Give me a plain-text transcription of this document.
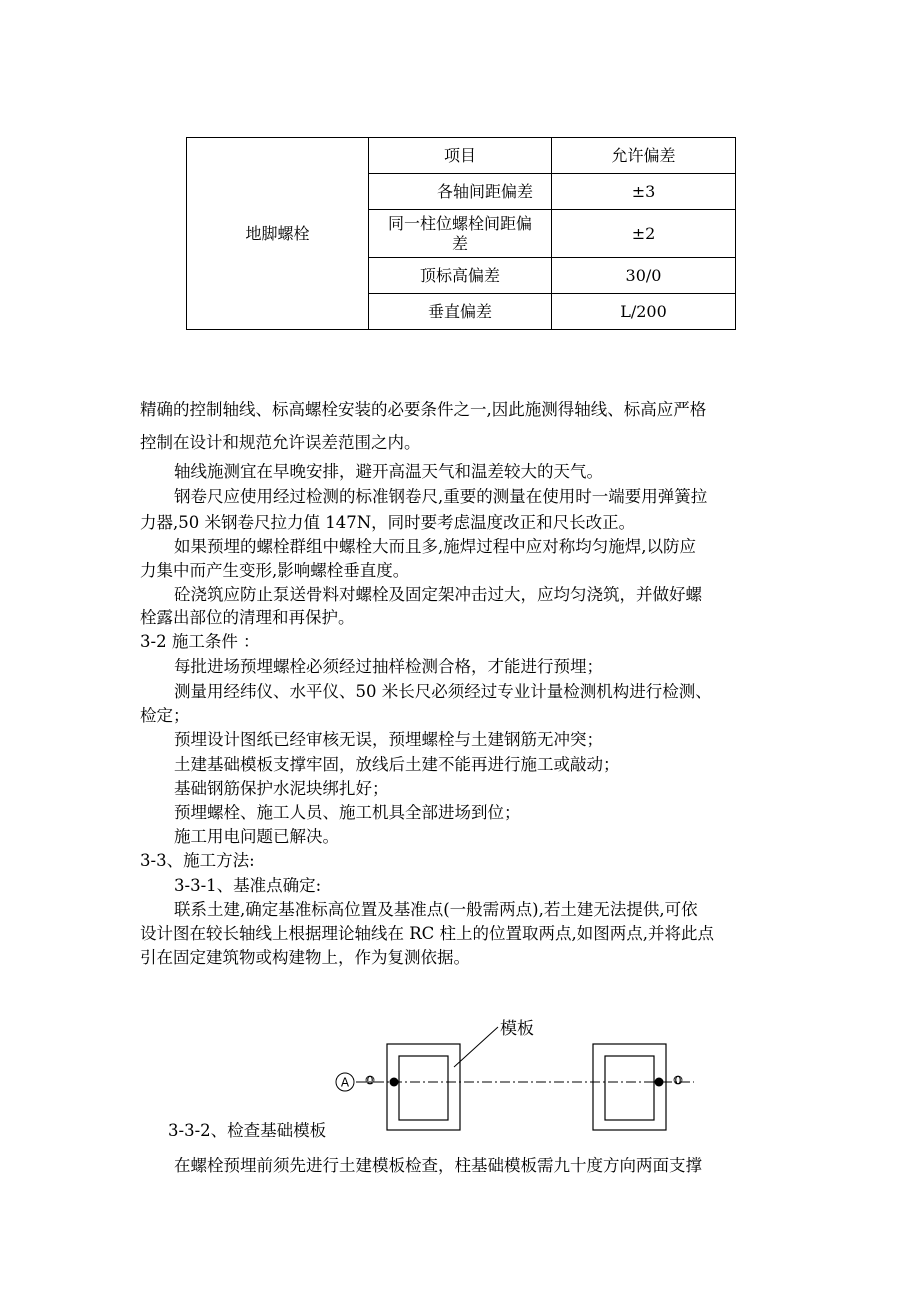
地脚螺栓	项目	允许偏差
	各轴间距偏差	±3
	同一柱位螺栓间距偏差	±2
	顶标高偏差	30/0
	垂直偏差	L/200
精确的控制轴线、标高螺栓安装的必要条件之一,因此施测得轴线、标高应严格
控制在设计和规范允许误差范围之内。
轴线施测宜在早晚安排，避开高温天气和温差较大的天气。
钢卷尺应使用经过检测的标准钢卷尺,重要的测量在使用时一端要用弹簧拉
力器,50 米钢卷尺拉力值 147N，同时要考虑温度改正和尺长改正。
如果预埋的螺栓群组中螺栓大而且多,施焊过程中应对称均匀施焊,以防应
力集中而产生变形,影响螺栓垂直度。
砼浇筑应防止泵送骨料对螺栓及固定架冲击过大，应均匀浇筑，并做好螺
栓露出部位的清理和再保护。
3-2 施工条件 ：
每批进场预埋螺栓必须经过抽样检测合格，才能进行预埋；
测量用经纬仪、水平仪、50 米长尺必须经过专业计量检测机构进行检测、
检定；
预埋设计图纸已经审核无误，预埋螺栓与土建钢筋无冲突；
土建基础模板支撑牢固，放线后土建不能再进行施工或敲动；
基础钢筋保护水泥块绑扎好；
预埋螺栓、施工人员、施工机具全部进场到位；
施工用电问题已解决。
3-3、施工方法:
3-3-1、基准点确定:
联系土建,确定基准标高位置及基准点(一般需两点),若土建无法提供,可依
设计图在较长轴线上根据理论轴线在 RC 柱上的位置取两点,如图两点,并将此点
引在固定建筑物或构建物上，作为复测依据。
模板
A 0	0
3-3-2、检查基础模板
在螺栓预埋前须先进行土建模板检查，柱基础模板需九十度方向两面支撑
